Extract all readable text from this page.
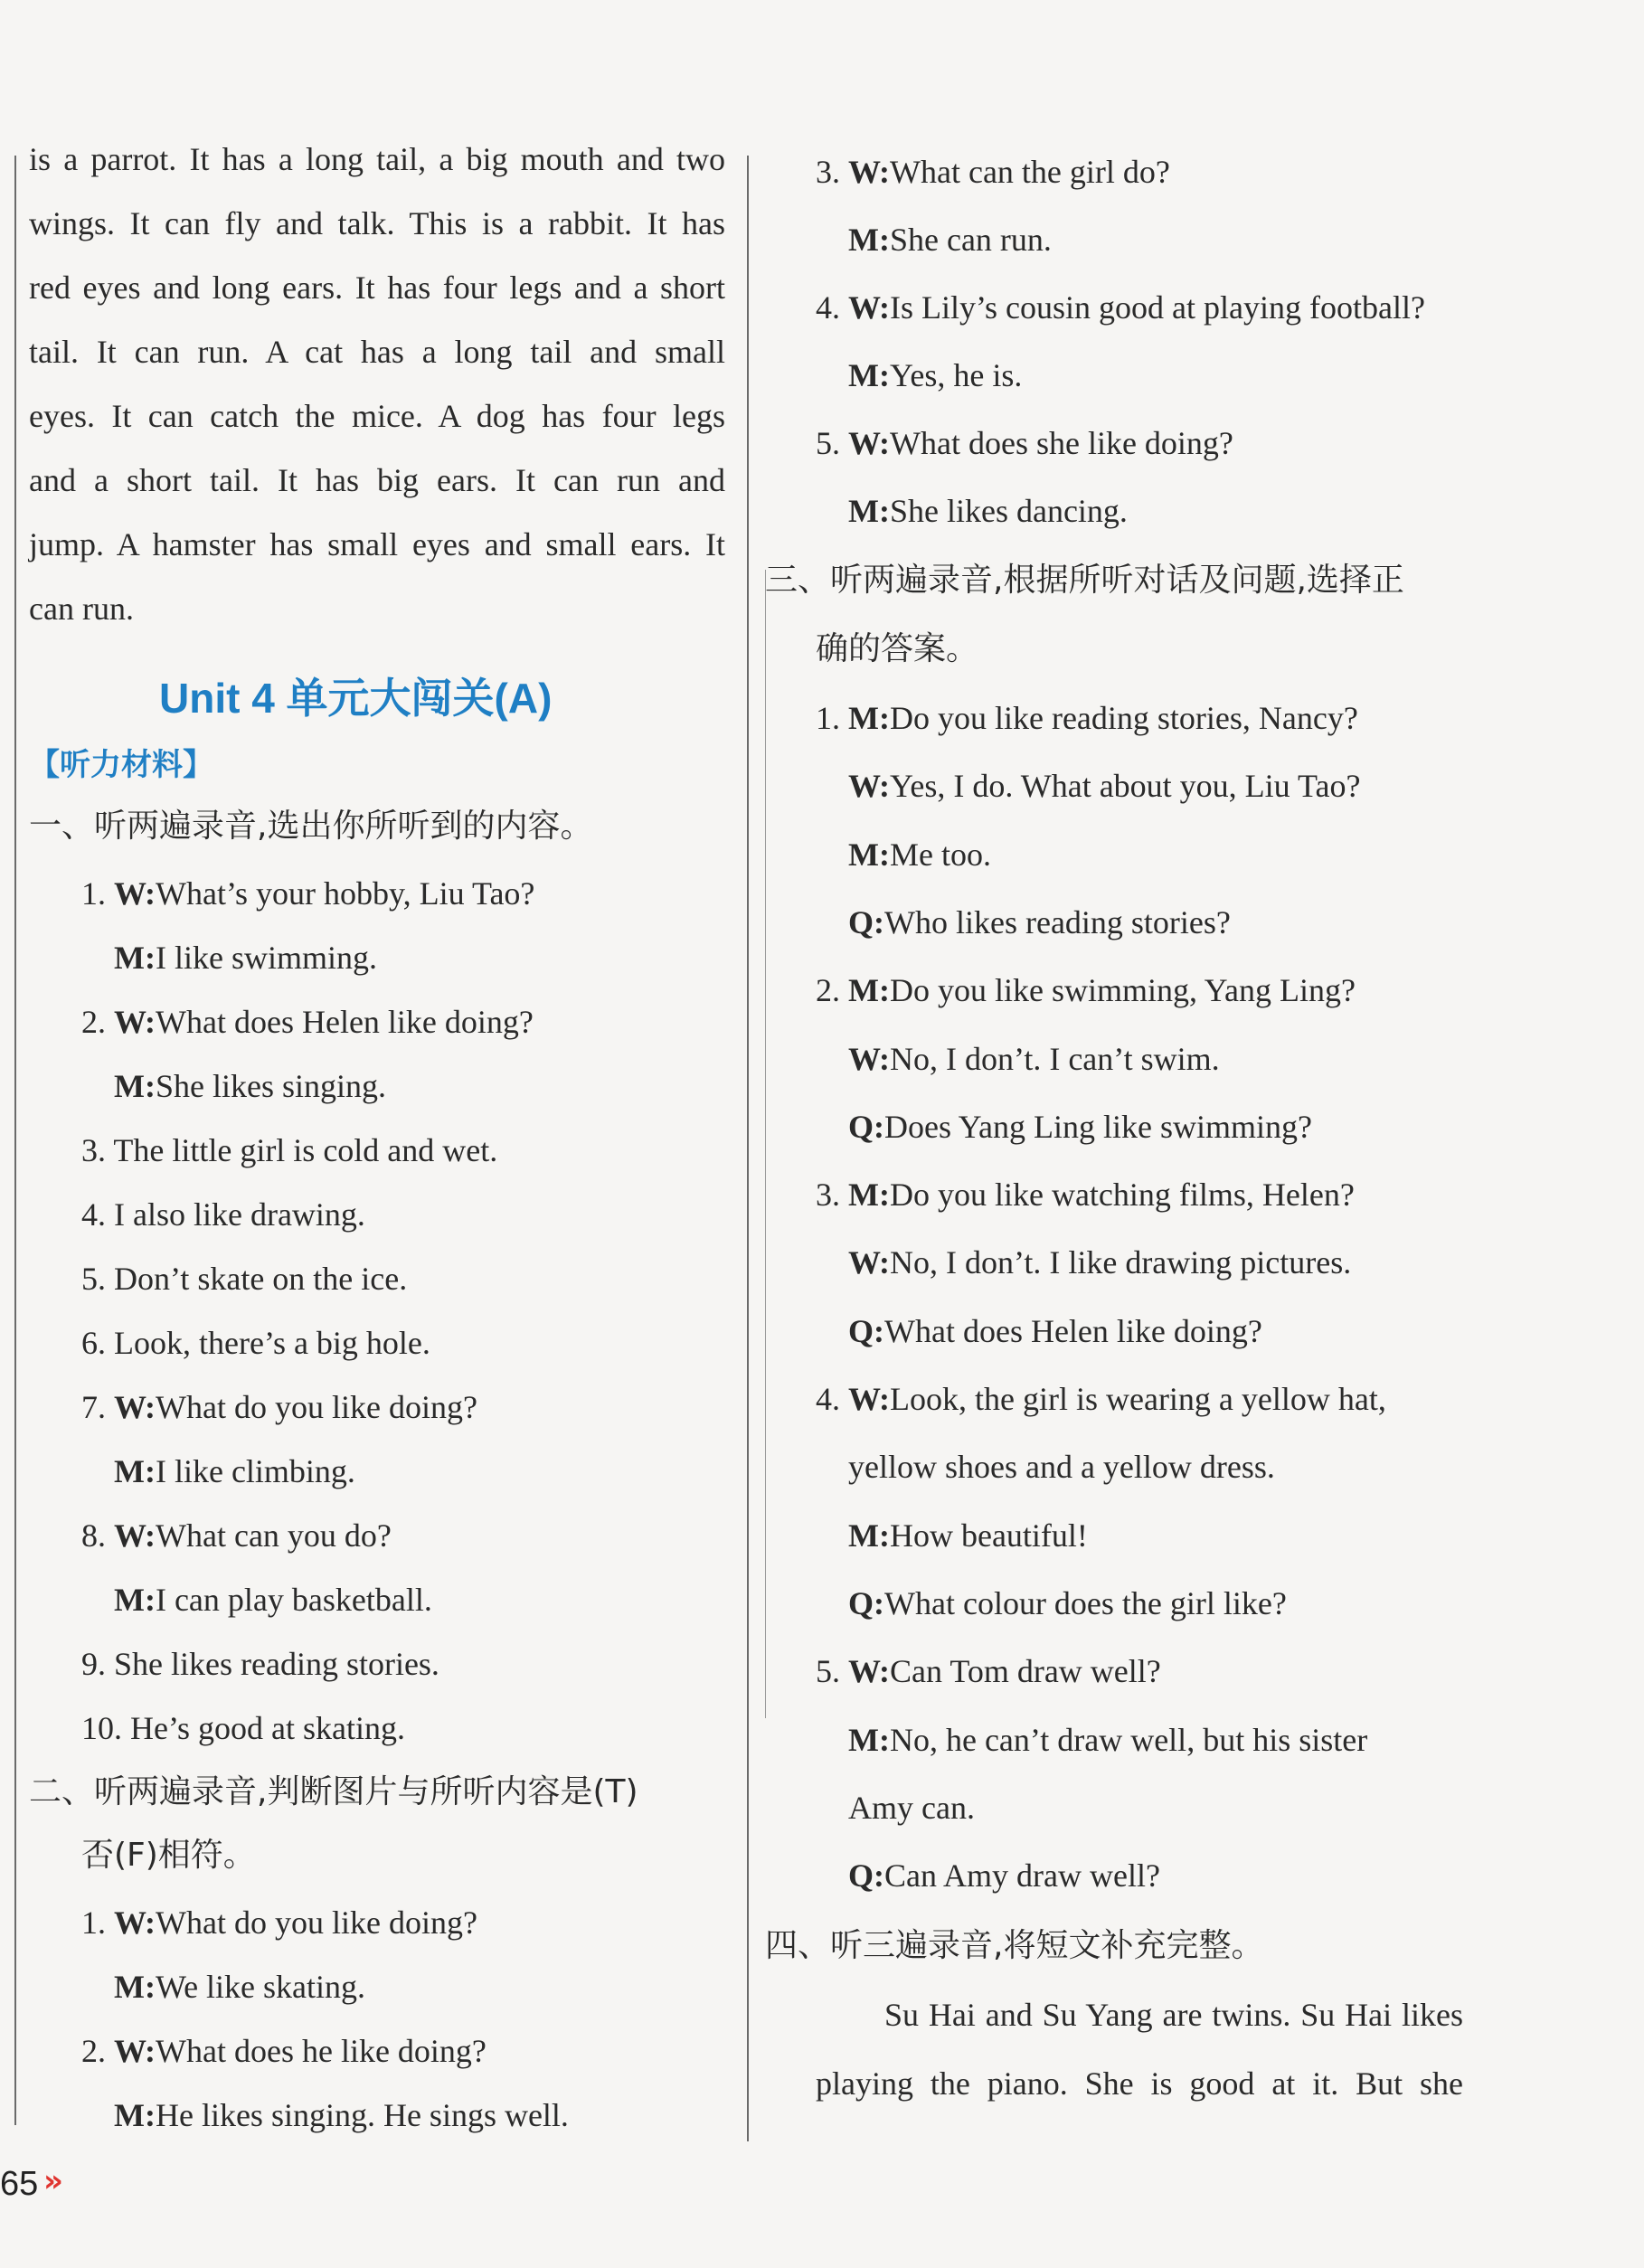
is a parrot. It has a long tail, a big mouth and two
wings. It can fly and talk. This is a rabbit. It has
red eyes and long ears. It has four legs and a short
tail. It can run. A cat has a long tail and small
eyes. It can catch the mice. A dog has four legs
and a short tail. It has big ears. It can run and
jump. A hamster has small eyes and small ears. It
can run.
Unit 4 单元大闯关(A)
【听力材料】
一、听两遍录音,选出你所听到的内容。
1. W:What’s your hobby, Liu Tao?
M:I like swimming.
2. W:What does Helen like doing?
M:She likes singing.
3. The little girl is cold and wet.
4. I also like drawing.
5. Don’t skate on the ice.
6. Look, there’s a big hole.
7. W:What do you like doing?
M:I like climbing.
8. W:What can you do?
M:I can play basketball.
9. She likes reading stories.
10. He’s good at skating.
二、听两遍录音,判断图片与所听内容是(T)
否(F)相符。
1. W:What do you like doing?
M:We like skating.
2. W:What does he like doing?
M:He likes singing. He sings well.
3. W:What can the girl do?
M:She can run.
4. W:Is Lily’s cousin good at playing football?
M:Yes, he is.
5. W:What does she like doing?
M:She likes dancing.
三、听两遍录音,根据所听对话及问题,选择正
确的答案。
1. M:Do you like reading stories, Nancy?
W:Yes, I do. What about you, Liu Tao?
M:Me too.
Q:Who likes reading stories?
2. M:Do you like swimming, Yang Ling?
W:No, I don’t. I can’t swim.
Q:Does Yang Ling like swimming?
3. M:Do you like watching films, Helen?
W:No, I don’t. I like drawing pictures.
Q:What does Helen like doing?
4. W:Look, the girl is wearing a yellow hat,
yellow shoes and a yellow dress.
M:How beautiful!
Q:What colour does the girl like?
5. W:Can Tom draw well?
M:No, he can’t draw well, but his sister
Amy can.
Q:Can Amy draw well?
四、听三遍录音,将短文补充完整。
Su Hai and Su Yang are twins. Su Hai likes
playing the piano. She is good at it. But she
65 »
